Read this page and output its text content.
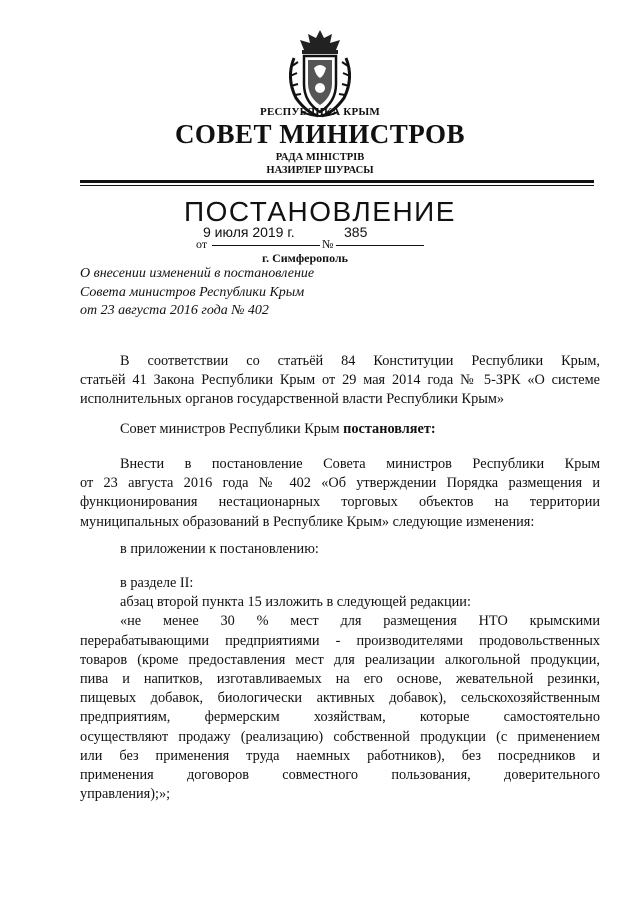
РЕСПУБЛИКА КРЫМ
СОВЕТ МИНИСТРОВ
РАДА МІНІСТРІВ
НАЗИРЛЕР ШУРАСЫ
ПОСТАНОВЛЕНИЕ
от
9 июля 2019 г.
№
385
г. Симферополь
О внесении изменений в постановление
Совета министров Республики Крым
от 23 августа 2016 года № 402
В соответствии со статьёй 84 Конституции Республики Крым,
статьёй 41 Закона Республики Крым от 29 мая 2014 года № 5-ЗРК «О системе
исполнительных органов государственной власти Республики Крым»
Совет министров Республики Крым постановляет:
Внести в постановление Совета министров Республики Крым
от 23 августа 2016 года № 402 «Об утверждении Порядка размещения и
функционирования нестационарных торговых объектов на территории
муниципальных образований в Республике Крым» следующие изменения:
в приложении к постановлению:
в разделе II:
абзац второй пункта 15 изложить в следующей редакции:
«не менее 30 % мест для размещения НТО крымскими
перерабатывающими предприятиями - производителями продовольственных
товаров (кроме предоставления мест для реализации алкогольной продукции,
пива и напитков, изготавливаемых на его основе, жевательной резинки,
пищевых добавок, биологически активных добавок), сельскохозяйственным
предприятиям, фермерским хозяйствам, которые самостоятельно
осуществляют продажу (реализацию) собственной продукции (с применением
или без применения труда наемных работников), без посредников и
применения договоров совместного пользования, доверительного
управления);»;
